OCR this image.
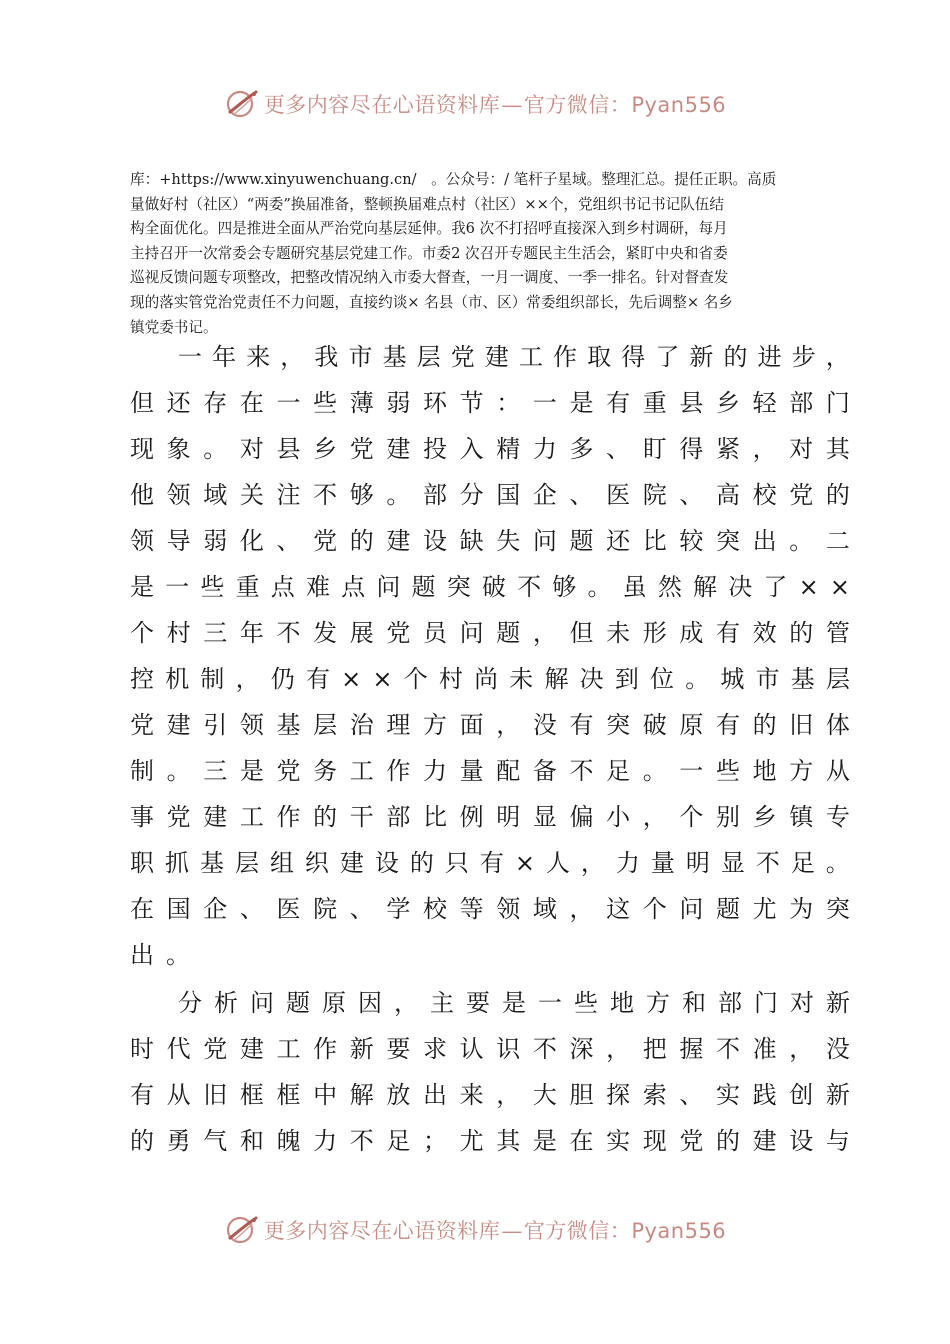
更多内容尽在心语资料库—官方微信：Pyan556
库：+https://www.xinyuwenchuang.cn/　。公众号：/ 笔杆子星域。整理汇总。提任正职。高质
量做好村（社区）“两委”换届准备，整顿换届难点村（社区）××个，党组织书记书记队伍结
构全面优化。四是推进全面从严治党向基层延伸。我6 次不打招呼直接深入到乡村调研，每月
主持召开一次常委会专题研究基层党建工作。市委2 次召开专题民主生活会，紧盯中央和省委
巡视反馈问题专项整改，把整改情况纳入市委大督查，一月一调度、一季一排名。针对督查发
现的落实管党治党责任不力问题，直接约谈× 名县（市、区）常委组织部长，先后调整× 名乡
镇党委书记。
一 年 来 ， 我 市 基 层 党 建 工 作 取 得 了 新 的 进 步 ，
但 还 存 在 一 些 薄 弱 环 节 ： 一 是 有 重 县 乡 轻 部 门
现 象 。 对 县 乡 党 建 投 入 精 力 多 、 盯 得 紧 ， 对 其
他 领 域 关 注 不 够 。 部 分 国 企 、 医 院 、 高 校 党 的
领 导 弱 化 、 党 的 建 设 缺 失 问 题 还 比 较 突 出 。 二
是 一 些 重 点 难 点 问 题 突 破 不 够 。 虽 然 解 决 了 × ×
个 村 三 年 不 发 展 党 员 问 题 ， 但 未 形 成 有 效 的 管
控 机 制 ， 仍 有 × × 个 村 尚 未 解 决 到 位 。 城 市 基 层
党 建 引 领 基 层 治 理 方 面 ， 没 有 突 破 原 有 的 旧 体
制 。 三 是 党 务 工 作 力 量 配 备 不 足 。 一 些 地 方 从
事 党 建 工 作 的 干 部 比 例 明 显 偏 小 ， 个 别 乡 镇 专
职 抓 基 层 组 织 建 设 的 只 有 × 人 ， 力 量 明 显 不 足 。
在 国 企 、 医 院 、 学 校 等 领 域 ， 这 个 问 题 尤 为 突
出 。
分 析 问 题 原 因 ， 主 要 是 一 些 地 方 和 部 门 对 新
时 代 党 建 工 作 新 要 求 认 识 不 深 ， 把 握 不 准 ， 没
有 从 旧 框 框 中 解 放 出 来 ， 大 胆 探 索 、 实 践 创 新
的 勇 气 和 魄 力 不 足 ； 尤 其 是 在 实 现 党 的 建 设 与
更多内容尽在心语资料库—官方微信：Pyan556
